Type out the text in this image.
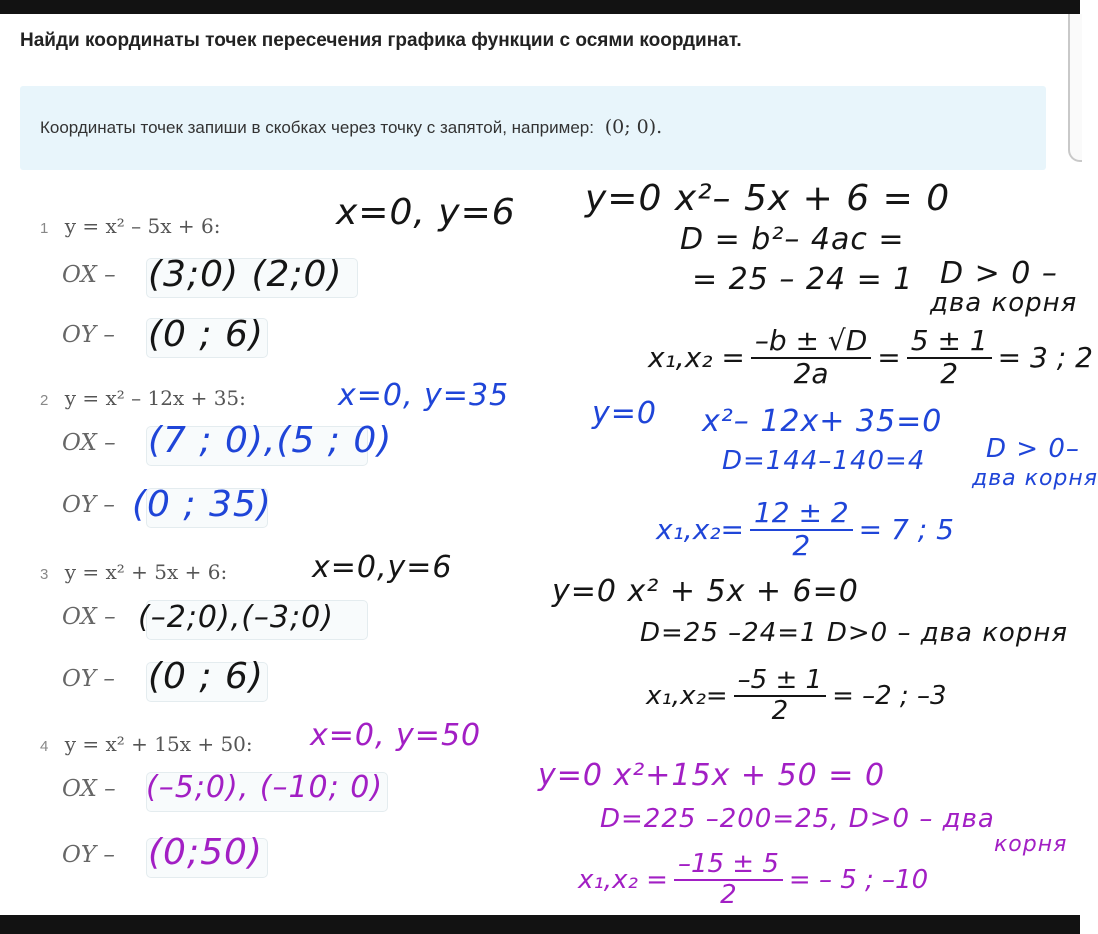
Найди координаты точек пересечения графика функции с осями координат.
Координаты точек запиши в скобках через точку с запятой, например: (0; 0).
1 y = x² – 5x + 6:
OX – (3;0) (2;0)
OY – (0 ; 6)
x=0, y=6 y=0 x²– 5x + 6 = 0
D = b²– 4ac =
= 25 – 24 = 1 D > 0 –
два корня
$x_1,x_2 = \frac{-b \pm √D}{2a} = \frac{5 \pm 1}{2} = 3$ ; 2
2 y = x² – 12x + 35:
OX – (7 ; 0),(5 ; 0)
OY – (0 ; 35)
x=0, y=35
y=0 x²– 12x+ 35=0
D=144–140=4 D > 0–
два корня
$x_1,x_2= \frac{12 \pm 2}{2} = 7$ ; 5
3 y = x² + 5x + 6:
OX – (–2;0),(–3;0)
OY – (0 ; 6)
x=0,y=6
y=0 x² + 5x + 6=0
D=25 –24=1 D>0 – два корня
$x_1,x_2= \frac{-5 \pm 1}{2} = -2$ ; –3
4 y = x² + 15x + 50:
OX – (–5;0), (–10; 0)
OY – (0;50)
x=0, y=50
y=0 x²+15x + 50 = 0
D=225 –200=25, D>0 – два
корня
$x_1,x_2 = \frac{-15 \pm 5}{2}$ = – 5 ; –10
